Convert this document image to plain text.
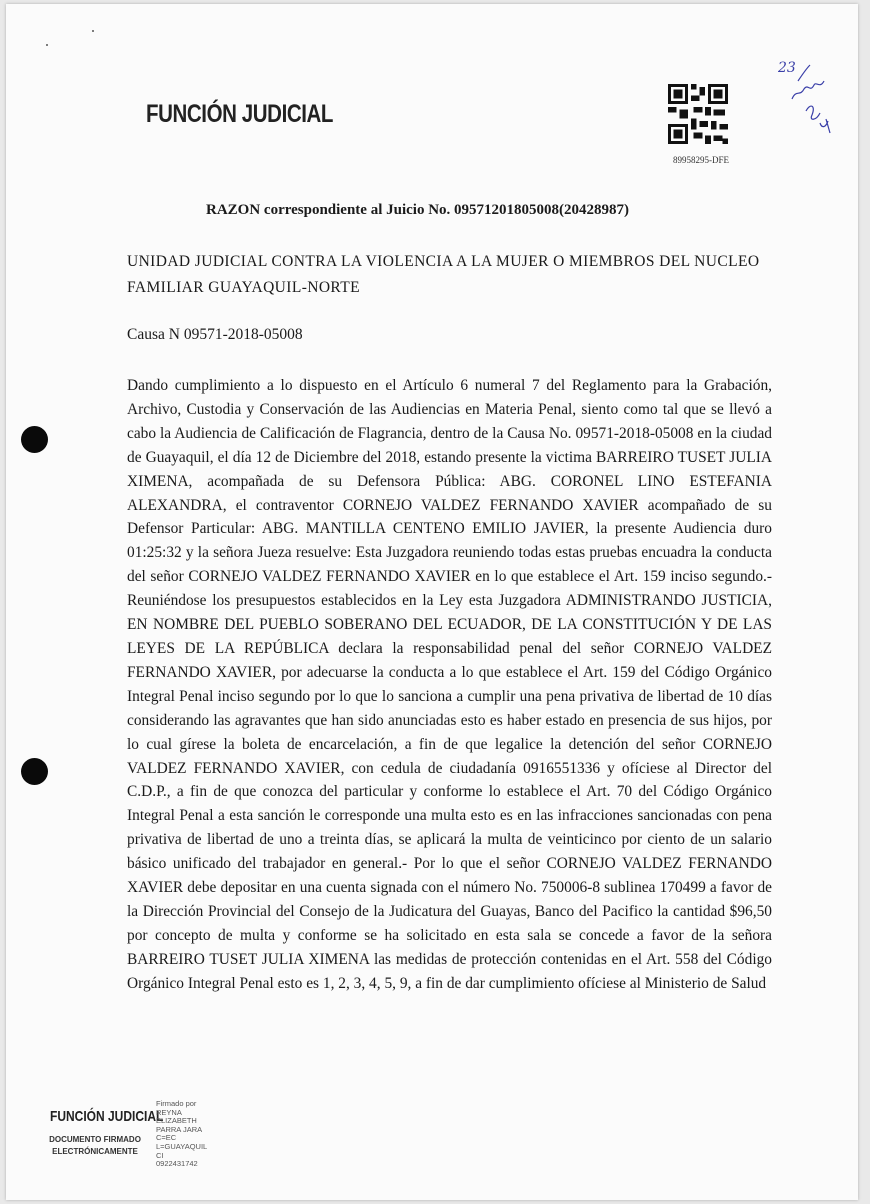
FUNCIÓN JUDICIAL
89958295-DFE
23
RAZON correspondiente al Juicio No. 09571201805008(20428987)
UNIDAD JUDICIAL CONTRA LA VIOLENCIA A LA MUJER O MIEMBROS DEL NUCLEO FAMILIAR GUAYAQUIL-NORTE
Causa N 09571-2018-05008
Dando cumplimiento a lo dispuesto en el Artículo 6 numeral 7 del Reglamento para la Grabación, Archivo, Custodia y Conservación de las Audiencias en Materia Penal, siento como tal que se llevó a cabo la Audiencia de Calificación de Flagrancia, dentro de la Causa No. 09571-2018-05008 en la ciudad de Guayaquil, el día 12 de Diciembre del 2018, estando presente la victima BARREIRO TUSET JULIA XIMENA, acompañada de su Defensora Pública: ABG. CORONEL LINO ESTEFANIA ALEXANDRA, el contraventor CORNEJO VALDEZ FERNANDO XAVIER acompañado de su Defensor Particular: ABG. MANTILLA CENTENO EMILIO JAVIER, la presente Audiencia duro 01:25:32 y la señora Jueza resuelve: Esta Juzgadora reuniendo todas estas pruebas encuadra la conducta del señor CORNEJO VALDEZ FERNANDO XAVIER en lo que establece el Art. 159 inciso segundo.- Reuniéndose los presupuestos establecidos en la Ley esta Juzgadora ADMINISTRANDO JUSTICIA, EN NOMBRE DEL PUEBLO SOBERANO DEL ECUADOR, DE LA CONSTITUCIÓN Y DE LAS LEYES DE LA REPÚBLICA declara la responsabilidad penal del señor CORNEJO VALDEZ FERNANDO XAVIER, por adecuarse la conducta a lo que establece el Art. 159 del Código Orgánico Integral Penal inciso segundo por lo que lo sanciona a cumplir una pena privativa de libertad de 10 días considerando las agravantes que han sido anunciadas esto es haber estado en presencia de sus hijos, por lo cual gírese la boleta de encarcelación, a fin de que legalice la detención del señor CORNEJO VALDEZ FERNANDO XAVIER, con cedula de ciudadanía 0916551336 y ofíciese al Director del C.D.P., a fin de que conozca del particular y conforme lo establece el Art. 70 del Código Orgánico Integral Penal a esta sanción le corresponde una multa esto es en las infracciones sancionadas con pena privativa de libertad de uno a treinta días, se aplicará la multa de veinticinco por ciento de un salario básico unificado del trabajador en general.- Por lo que el señor CORNEJO VALDEZ FERNANDO XAVIER debe depositar en una cuenta signada con el número No. 750006-8 sublinea 170499 a favor de la Dirección Provincial del Consejo de la Judicatura del Guayas, Banco del Pacifico la cantidad $96,50 por concepto de multa y conforme se ha solicitado en esta sala se concede a favor de la señora BARREIRO TUSET JULIA XIMENA las medidas de protección contenidas en el Art. 558 del Código Orgánico Integral Penal esto es 1, 2, 3, 4, 5, 9, a fin de dar cumplimiento ofíciese al Ministerio de Salud
FUNCIÓN JUDICIAL
DOCUMENTO FIRMADO ELECTRÓNICAMENTE
Firmado por
REYNA
ELIZABETH
PARRA JARA
C=EC
L=GUAYAQUIL
CI
0922431742
